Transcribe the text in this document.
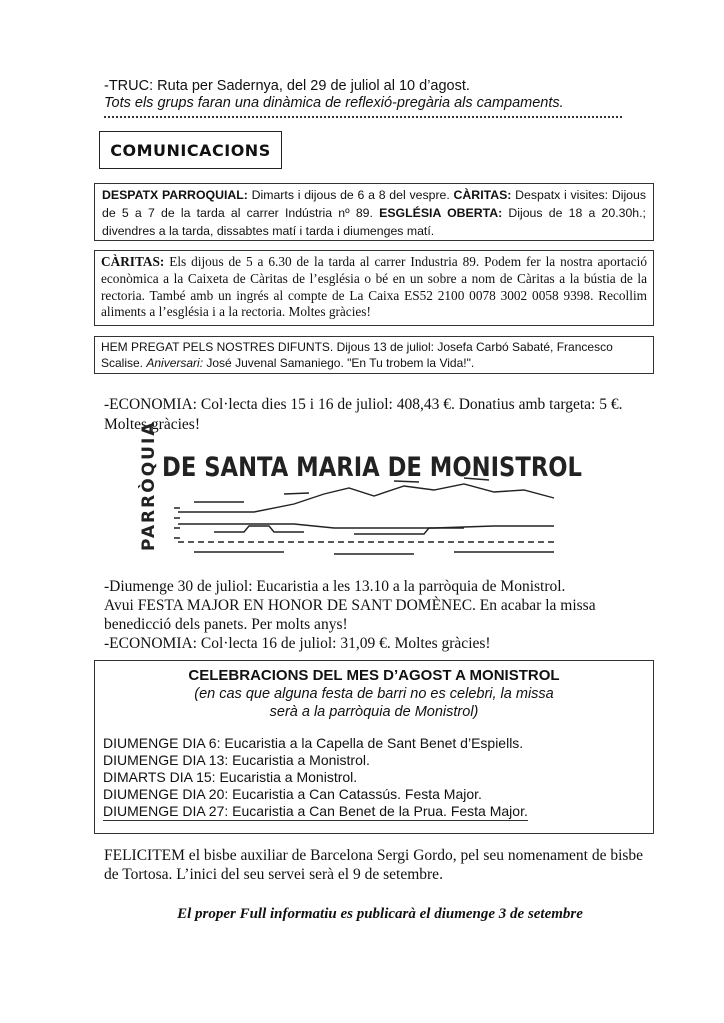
-TRUC: Ruta per Sadernya, del 29 de juliol al 10 d’agost.
Tots els grups faran una dinàmica de reflexió-pregària als campaments.
COMUNICACIONS
DESPATX PARROQUIAL: Dimarts i dijous de 6 a 8 del vespre. CÀRITAS: Despatx i visites: Dijous de 5 a 7 de la tarda al carrer Indústria nº 89. ESGLÉSIA OBERTA: Dijous de 18 a 20.30h.; divendres a la tarda, dissabtes matí i tarda i diumenges matí.
CÀRITAS: Els dijous de 5 a 6.30 de la tarda al carrer Industria 89. Podem fer la nostra aportació econòmica a la Caixeta de Càritas de l’església o bé en un sobre a nom de Càritas a la bústia de la rectoria. També amb un ingrés al compte de La Caixa ES52 2100 0078 3002 0058 9398. Recollim aliments a l’església i a la rectoria. Moltes gràcies!
HEM PREGAT PELS NOSTRES DIFUNTS. Dijous 13 de juliol: Josefa Carbó Sabaté, Francesco Scalise. Aniversari: José Juvenal Samaniego. "En Tu trobem la Vida!".
-ECONOMIA: Col·lecta dies 15 i 16 de juliol: 408,43 €. Donatius amb targeta: 5 €. Moltes gràcies!
PARRÒQUIA DE SANTA MARIA DE MONISTROL
-Diumenge 30 de juliol: Eucaristia a les 13.10 a la parròquia de Monistrol.
Avui FESTA MAJOR EN HONOR DE SANT DOMÈNEC. En acabar la missa benedicció dels panets. Per molts anys!
-ECONOMIA: Col·lecta 16 de juliol: 31,09 €. Moltes gràcies!
CELEBRACIONS DEL MES D’AGOST A MONISTROL
(en cas que alguna festa de barri no es celebri, la missa serà a la parròquia de Monistrol)
DIUMENGE DIA 6: Eucaristia a la Capella de Sant Benet d’Espiells.
DIUMENGE DIA 13: Eucaristia a Monistrol.
DIMARTS DIA 15: Eucaristia a Monistrol.
DIUMENGE DIA 20: Eucaristia a Can Catassús. Festa Major.
DIUMENGE DIA 27: Eucaristia a Can Benet de la Prua. Festa Major.
FELICITEM el bisbe auxiliar de Barcelona Sergi Gordo, pel seu nomenament de bisbe de Tortosa. L’inici del seu servei serà el 9 de setembre.
El proper Full informatiu es publicarà el diumenge 3 de setembre
